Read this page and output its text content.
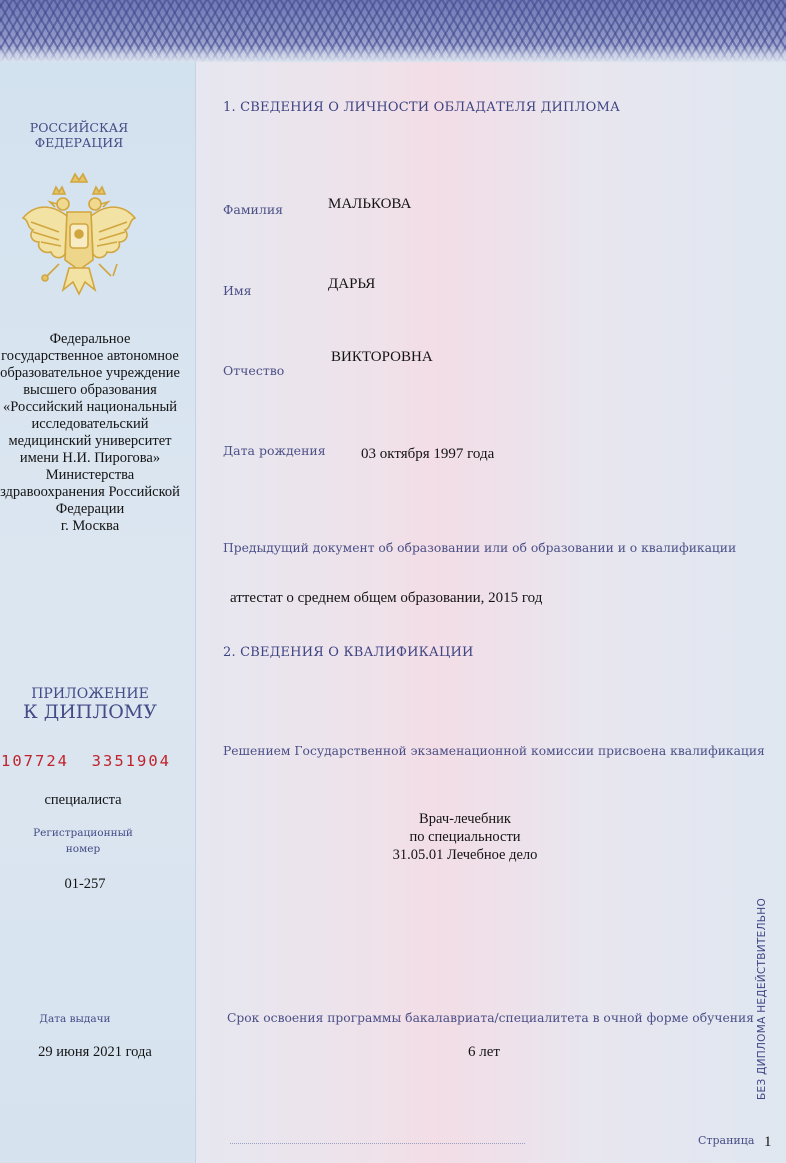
РОССИЙСКАЯ
ФЕДЕРАЦИЯ
Федеральное
государственное автономное
образовательное учреждение
высшего образования
«Российский национальный
исследовательский
медицинский университет
имени Н.И. Пирогова»
Министерства
здравоохранения Российской
Федерации
г. Москва
ПРИЛОЖЕНИЕ
К ДИПЛОМУ
107724  3351904
специалиста
Регистрационный
номер
01-257
Дата выдачи
29 июня 2021 года
1. СВЕДЕНИЯ О ЛИЧНОСТИ ОБЛАДАТЕЛЯ ДИПЛОМА
Фамилия	МАЛЬКОВА
Имя	ДАРЬЯ
Отчество
ВИКТОРОВНА
Дата рождения 03 октября 1997 года
Предыдущий документ об образовании или об образовании и о квалификации
аттестат о среднем общем образовании, 2015 год
2. СВЕДЕНИЯ О КВАЛИФИКАЦИИ
Решением Государственной экзаменационной комиссии присвоена квалификация
Врач-лечебник
по специальности
31.05.01 Лечебное дело
Срок освоения программы бакалавриата/специалитета в очной форме обучения
6 лет
Страница 1
БЕЗ ДИПЛОМА НЕДЕЙСТВИТЕЛЬНО
